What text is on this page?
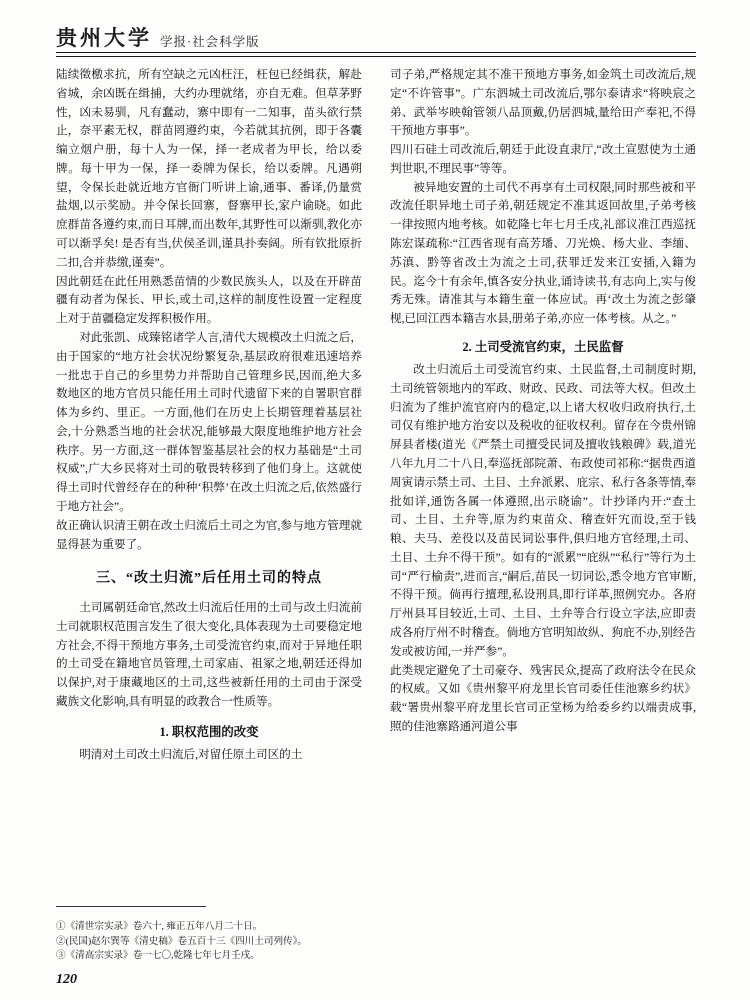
贵州大学 学报·社会科学版

陆续徵檄求抗，所有空缺之元凶枉汪，枉包已经缉获，解赴省城，余凶既在缉捕，大约办理就绪，亦自无难。但草茅野性，凶未易驯，凡有蠢动，寨中即有一二知事，苗头欲行禁止，奈平素无权，群苗罔遵约束，今若就其抗例，即于各囊编立烟户册，每十人为一保，择一老成者为甲长，给以委牌。每十甲为一保，择一委牌为保长，给以委牌。凡遇朔望，令保长赴就近地方官衙门听讲上谕,通事、番译,仍量赏盐烟,以示奖励。并令保长回寨，督寨甲长,家户谕晓。如此庶群苗各遵约束,而日耳牌,而出数年,其野性可以渐驯,教化亦可以渐孚矣! 是否有当,伏侯圣训,谨具扑奏阔。所有钦批原折二扣,合并恭缴,谨奏”。

因此朝廷在此任用熟悉苗情的少数民族头人，以及在开辟苗疆有动者为保长、甲长,或土司,这样的制度性设置一定程度上对于苗疆稳定发挥积极作用。

对此张凯、成臻铭诸学人言,清代大规模改土归流之后，由于国家的“地方社会状况纷繁复杂,基层政府很难迅速培养一批忠于自己的乡里势力并帮助自己管理乡民,因而,绝大多数地区的地方官员只能任用土司时代遗留下来的自署职官群体为乡约、里正。一方面,他们在历史上长期管理着基层社会,十分熟悉当地的社会状况,能够最大限度地维护地方社会秩序。另一方面,这一群体智鉴基层社会的权力基础是“土司权威”,广大乡民将对土司的敬畏转移到了他们身上。这就使得土司时代曾经存在的种种‘积弊’在改土归流之后,依然盛行于地方社会”。

故正确认识清王朝在改土归流后土司之为官,参与地方管理就显得甚为重要了。

三、“改土归流”后任用土司的特点

土司属朝廷命官,然改土归流后任用的土司与改土归流前土司就职权范围言发生了很大变化,具体表现为土司要稳定地方社会,不得干预地方事务,土司受流官约束,而对于异地任职的土司受在籍地官员管理,土司家庙、祖冢之地,朝廷还得加以保护,对于康藏地区的土司,这些被新任用的土司由于深受藏族文化影响,具有明显的政教合一性质等。

1. 职权范围的改变

明清对土司改土归流后,对留任原土司区的土

司子弟,严格规定其不准干预地方事务,如金筑土司改流后,规定“不许管事”。广东泗城土司改流后,鄂尔泰请求“将映宸之弟、武举岑映翰管领八品顶戴,仍居泗城,量给田产奉祀,不得干预地方事事”。

四川石硅土司改流后,朝廷于此设直隶厅,“改土宣慰使为土通判世职,不理民事”等等。

被异地安置的土司代不再享有土司权限,同时那些被和平改流任职异地土司子弟,朝廷规定不准其返回故里,子弟考核一律按照内地考核。如乾隆七年七月壬戌,礼部议准江西巡抚陈宏谋疏称:“江西省现有高芳璠、刀光焕、杨大业、李缅、苏滇、黔等省改土为流之土司,获罪迁发来江安插,入籍为民。迄今十有余年,慎各安分执业,诵诗读书,有志向上,实与俊秀无殊。请准其与本籍生童一体应试。再‘改土为流之彭肇枧,已回江西本籍吉水县,册弟子弟,亦应一体考核。从之。”

2. 土司受流官约束，土民监督

改土归流后土司受流官约束、土民监督,土司制度时期,土司统管领地内的军政、财政、民政、司法等大权。但改土归流为了维护流官府内的稳定,以上诸大权收归政府执行,土司仅有维护地方治安以及税收的征收权利。留存在今贵州锦屏县者楼(道光《严禁土司擅受民词及擅收钱粮碑》载,道光八年九月二十八日,奉巡抚部院萧、布政使司祁称:“据贵西道周寅请示禁土司、土目、土弁派累、庇宗、私行各条等情,奉批如详,通饬各属一体遵照,出示晓谕”。计抄译内开:“查土司、土目、土弁等,原为约束苗众、稽查奸宄而设,至于钱粮、夫马、差役以及苗民词讼事件,俱归地方官经理,土司、土目、土弁不得干预”。如有的“派累”“庇纵”“私行”等行为土司“严行榆责”,进而言,“嗣后,苗民一切词讼,悉令地方官审断,不得干预。倘再行擅理,私设刑具,即行详革,照例究办。各府厅州县耳目较近,土司、土目、土弁等合行设立字法,应即责成各府厅州不时稽查。倘地方官明知故纵、狗庇不办,别经告发或被访闻,一并严参”。

此类规定避免了土司豪夺、残害民众,提高了政府法令在民众的权威。又如《贵州黎平府龙里长官司委任佳池寨乡约状》载“署贵州黎平府龙里长官司正堂杨为给委乡约以端责成事,照的佳池寨路通河道公事

①《清世宗实录》卷六十, 雍正五年八月二十日。
②(民国)赵尔巽等《清史稿》卷五百十三《四川土司列传》。
③《清高宗实录》卷一七〇,乾隆七年七月壬戌。
120
